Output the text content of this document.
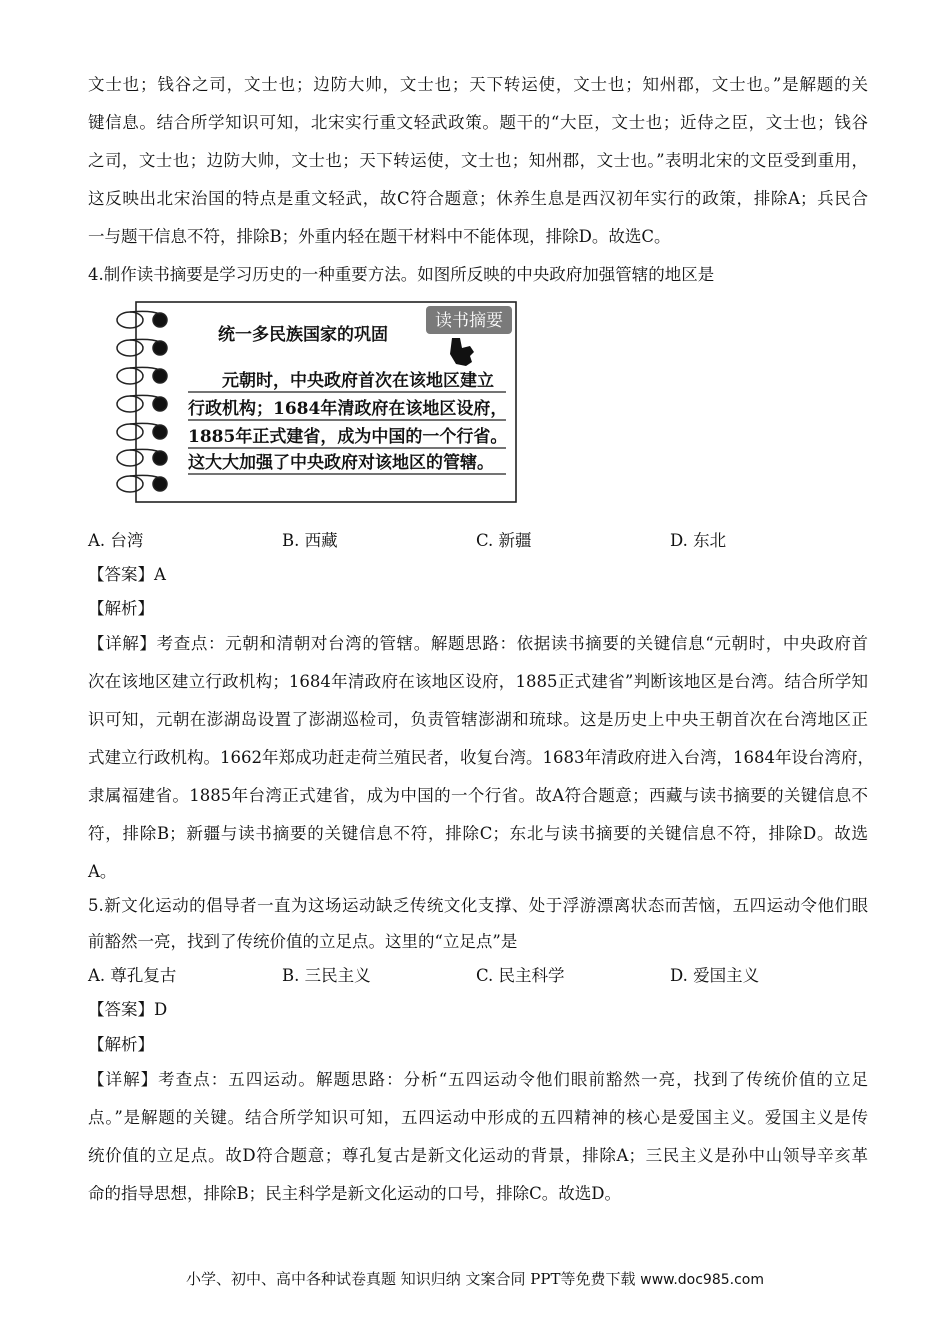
文士也；钱谷之司，文士也；边防大帅，文士也；天下转运使，文士也；知州郡，文士也。”是解题的关
键信息。结合所学知识可知，北宋实行重文轻武政策。题干的“大臣，文士也；近侍之臣，文士也；钱谷
之司，文士也；边防大帅，文士也；天下转运使，文士也；知州郡，文士也。”表明北宋的文臣受到重用，
这反映出北宋治国的特点是重文轻武，故C符合题意；休养生息是西汉初年实行的政策，排除A；兵民合
一与题干信息不符，排除B；外重内轻在题干材料中不能体现，排除D。故选C。
4.制作读书摘要是学习历史的一种重要方法。如图所反映的中央政府加强管辖的地区是
读书摘要
统一多民族国家的巩固
元朝时，中央政府首次在该地区建立
行政机构；1684年清政府在该地区设府，
1885年正式建省，成为中国的一个行省。
这大大加强了中央政府对该地区的管辖。
A. 台湾	B. 西藏	C. 新疆	D. 东北
【答案】A
【解析】
【详解】考查点：元朝和清朝对台湾的管辖。解题思路：依据读书摘要的关键信息“元朝时，中央政府首
次在该地区建立行政机构；1684年清政府在该地区设府，1885正式建省”判断该地区是台湾。结合所学知
识可知，元朝在澎湖岛设置了澎湖巡检司，负责管辖澎湖和琉球。这是历史上中央王朝首次在台湾地区正
式建立行政机构。1662年郑成功赶走荷兰殖民者，收复台湾。1683年清政府进入台湾，1684年设台湾府，
隶属福建省。1885年台湾正式建省，成为中国的一个行省。故A符合题意；西藏与读书摘要的关键信息不
符，排除B；新疆与读书摘要的关键信息不符，排除C；东北与读书摘要的关键信息不符，排除D。故选
A。
5.新文化运动的倡导者一直为这场运动缺乏传统文化支撑、处于浮游漂离状态而苦恼，五四运动令他们眼
前豁然一亮，找到了传统价值的立足点。这里的“立足点”是
A. 尊孔复古	B. 三民主义	C. 民主科学	D. 爱国主义
【答案】D
【解析】
【详解】考查点：五四运动。解题思路：分析“五四运动令他们眼前豁然一亮，找到了传统价值的立足
点。”是解题的关键。结合所学知识可知，五四运动中形成的五四精神的核心是爱国主义。爱国主义是传
统价值的立足点。故D符合题意；尊孔复古是新文化运动的背景，排除A；三民主义是孙中山领导辛亥革
命的指导思想，排除B；民主科学是新文化运动的口号，排除C。故选D。
小学、初中、高中各种试卷真题 知识归纳 文案合同 PPT等免费下载 www.doc985.com
